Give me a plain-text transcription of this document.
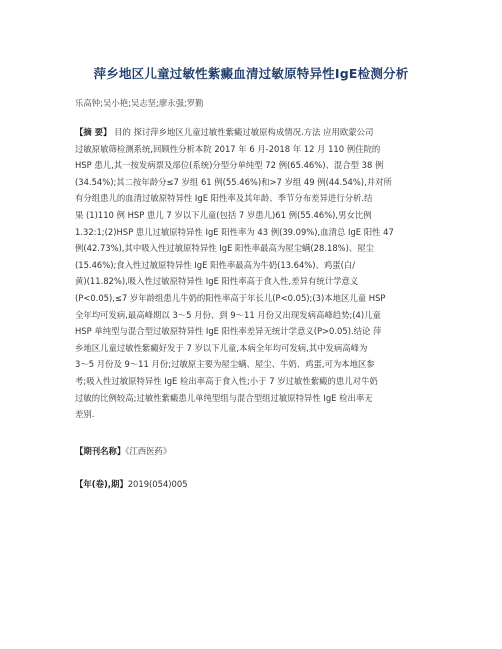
萍乡地区儿童过敏性紫癜血清过敏原特异性IgE检测分析
乐高钟;吴小艳;吴志坚;廖永强;罗勤
【摘 要】 目的 探讨萍乡地区儿童过敏性紫癜过敏原构成情况.方法 应用欧蒙公司
过敏原敏筛检测系统,回顾性分析本院 2017 年 6 月-2018 年 12 月 110 例住院的
HSP 患儿,其一按发病票及部位(系统)分型分单纯型 72 例(65.46%)、混合型 38 例
(34.54%);其二按年龄分≤7 岁组 61 例(55.46%)和>7 岁组 49 例(44.54%),并对所
有分组患儿的血清过敏原特异性 IgE 阳性率及其年龄、季节分布差异进行分析.结
果 (1)110 例 HSP 患儿 7 岁以下儿童(包括 7 岁患儿)61 例(55.46%),男女比例
1.32:1;(2)HSP 患儿过敏原特异性 IgE 阳性率为 43 例(39.09%),血清总 IgE 阳性 47
例(42.73%),其中吸入性过敏原特异性 IgE 阳性率最高为屋尘螨(28.18%)、屋尘
(15.46%);食入性过敏原特异性 IgE 阳性率最高为牛奶(13.64%)、鸡蛋(白/
黄)(11.82%),吸入性过敏原特异性 IgE 阳性率高于食入性,差异有统计学意义
(P<0.05),≤7 岁年龄组患儿牛奶的阳性率高于年长儿(P<0.05);(3)本地区儿童 HSP
全年均可发病,最高峰期以 3～5 月份、到 9～11 月份又出现发病高峰趋势;(4)儿童
HSP 单纯型与混合型过敏原特异性 IgE 阳性率差异无统计学意义(P>0.05).结论 萍
乡地区儿童过敏性紫癜好发于 7 岁以下儿童,本病全年均可发病,其中发病高峰为
3～5 月份及 9～11 月份;过敏原主要为屋尘螨、屋尘、牛奶、鸡蛋,可为本地区参
考;吸入性过敏原特异性 IgE 检出率高于食入性;小于 7 岁过敏性紫癜的患儿对牛奶
过敏的比例较高;过敏性紫癜患儿单纯型组与混合型组过敏原特异性 IgE 检出率无
差别.
【期刊名称】《江西医药》
【年(卷),期】2019(054)005
